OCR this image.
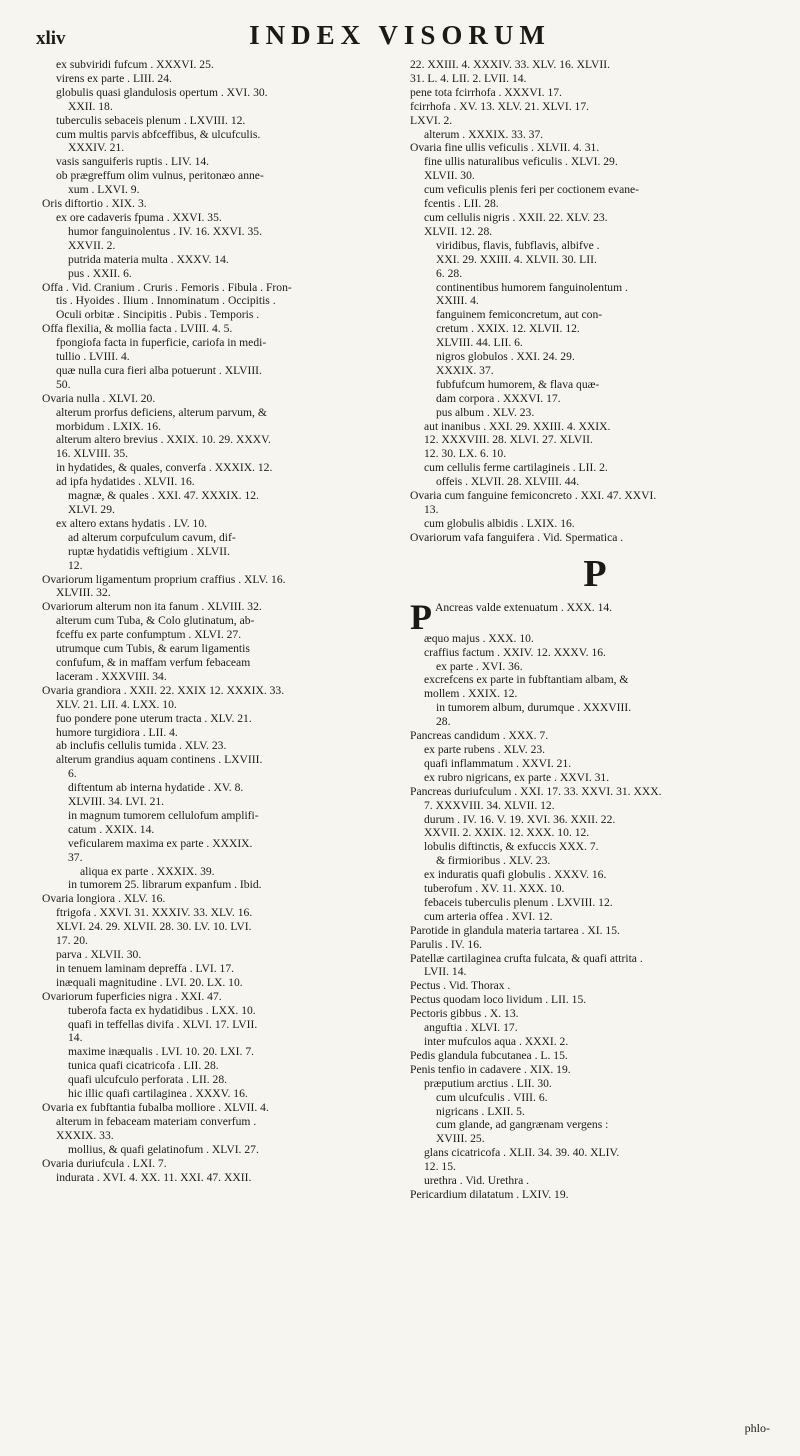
xliv	INDEX VISORUM
ex subviridi fufcum . XXXVI. 25.
virens ex parte . LIII. 24.
globulis quasi glandulosis opertum . XVI. 30.
XXII. 18.
tuberculis sebaceis plenum . LXVIII. 12.
cum multis parvis abfceffibus, & ulcufculis.
XXXIV. 21.
vasis sanguiferis ruptis . LIV. 14.
ob prægreffum olim vulnus, peritonæo anne-
xum . LXVI. 9.
Oris diftortio . XIX. 3.
ex ore cadaveris fpuma . XXVI. 35.
humor fanguinolentus . IV. 16. XXVI. 35.
XXVII. 2.
putrida materia multa . XXXV. 14.
pus . XXII. 6.
Offa . Vid. Cranium . Cruris . Femoris . Fibula . Fron-
tis . Hyoides . Ilium . Innominatum . Occipitis .
Oculi orbitæ . Sincipitis . Pubis . Temporis .
Offa flexilia, & mollia facta . LVIII. 4. 5.
fpongiofa facta in fuperficie, cariofa in medi-
tullio . LVIII. 4.
quæ nulla cura fieri alba potuerunt . XLVIII.
50.
Ovaria nulla . XLVI. 20.
alterum prorfus deficiens, alterum parvum, &
morbidum . LXIX. 16.
alterum altero brevius . XXIX. 10. 29. XXXV.
16. XLVIII. 35.
in hydatides, & quales, converfa . XXXIX. 12.
ad ipfa hydatides . XLVII. 16.
magnæ, & quales . XXI. 47. XXXIX. 12.
XLVI. 29.
ex altero extans hydatis . LV. 10.
ad alterum corpufculum cavum, dif-
ruptæ hydatidis veftigium . XLVII.
12.
Ovariorum ligamentum proprium craffius . XLV. 16.
XLVIII. 32.
Ovariorum alterum non ita fanum . XLVIII. 32.
alterum cum Tuba, & Colo glutinatum, ab-
fceffu ex parte confumptum . XLVI. 27.
utrumque cum Tubis, & earum ligamentis
confufum, & in maffam verfum febaceam
laceram . XXXVIII. 34.
Ovaria grandiora . XXII. 22. XXIX 12. XXXIX. 33.
XLV. 21. LII. 4. LXX. 10.
fuo pondere pone uterum tracta . XLV. 21.
humore turgidiora . LII. 4.
ab inclufis cellulis tumida . XLV. 23.
alterum grandius aquam continens . LXVIII.
6.
diftentum ab interna hydatide . XV. 8.
XLVIII. 34. LVI. 21.
in magnum tumorem cellulofum amplifi-
catum . XXIX. 14.
veficularem maxima ex parte . XXXIX.
37.
aliqua ex parte . XXXIX. 39.
in tumorem 25. librarum expanfum . Ibid.
Ovaria longiora . XLV. 16.
ftrigofa . XXVI. 31. XXXIV. 33. XLV. 16.
XLVI. 24. 29. XLVII. 28. 30. LV. 10. LVI.
17. 20.
parva . XLVII. 30.
in tenuem laminam depreffa . LVI. 17.
inæquali magnitudine . LVI. 20. LX. 10.
Ovariorum fuperficies nigra . XXI. 47.
tuberofa facta ex hydatidibus . LXX. 10.
quafi in teffellas divifa . XLVI. 17. LVII.
14.
maxime inæqualis . LVI. 10. 20. LXI. 7.
tunica quafi cicatricofa . LII. 28.
quafi ulcufculo perforata . LII. 28.
hic illic quafi cartilaginea . XXXV. 16.
Ovaria ex fubftantia fubalba molliore . XLVII. 4.
alterum in febaceam materiam converfum .
XXXIX. 33.
mollius, & quafi gelatinofum . XLVI. 27.
Ovaria duriufcula . LXI. 7.
indurata . XVI. 4. XX. 11. XXI. 47. XXII.
22. XXIII. 4. XXXIV. 33. XLV. 16. XLVII.
31. L. 4. LII. 2. LVII. 14.
pene tota fcirrhofa . XXXVI. 17.
fcirrhofa . XV. 13. XLV. 21. XLVI. 17.
LXVI. 2.
alterum . XXXIX. 33. 37.
Ovaria fine ullis veficulis . XLVII. 4. 31.
fine ullis naturalibus veficulis . XLVI. 29.
XLVII. 30.
cum veficulis plenis feri per coctionem evane-
fcentis . LII. 28.
cum cellulis nigris . XXII. 22. XLV. 23.
XLVII. 12. 28.
viridibus, flavis, fubflavis, albifve .
XXI. 29. XXIII. 4. XLVII. 30. LII.
6. 28.
continentibus humorem fanguinolentum .
XXIII. 4.
fanguinem femiconcretum, aut con-
cretum . XXIX. 12. XLVII. 12.
XLVIII. 44. LII. 6.
nigros globulos . XXI. 24. 29.
XXXIX. 37.
fubfufcum humorem, & flava quæ-
dam corpora . XXXVI. 17.
pus album . XLV. 23.
aut inanibus . XXI. 29. XXIII. 4. XXIX.
12. XXXVIII. 28. XLVI. 27. XLVII.
12. 30. LX. 6. 10.
cum cellulis ferme cartilagineis . LII. 2.
offeis . XLVII. 28. XLVIII. 44.
Ovaria cum fanguine femiconcreto . XXI. 47. XXVI.
13.
cum globulis albidis . LXIX. 16.
Ovariorum vafa fanguifera . Vid. Spermatica .
P
P Ancreas valde extenuatum . XXX. 14.
æquo majus . XXX. 10.
craffius factum . XXIV. 12. XXXV. 16.
ex parte . XVI. 36.
excrefcens ex parte in fubftantiam albam, &
mollem . XXIX. 12.
in tumorem album, durumque . XXXVIII.
28.
Pancreas candidum . XXX. 7.
ex parte rubens . XLV. 23.
quafi inflammatum . XXVI. 21.
ex rubro nigricans, ex parte . XXVI. 31.
Pancreas duriufculum . XXI. 17. 33. XXVI. 31. XXX.
7. XXXVIII. 34. XLVII. 12.
durum . IV. 16. V. 19. XVI. 36. XXII. 22.
XXVII. 2. XXIX. 12. XXX. 10. 12.
lobulis diftinctis, & exfuccis XXX. 7.
& firmioribus . XLV. 23.
ex induratis quafi globulis . XXXV. 16.
tuberofum . XV. 11. XXX. 10.
febaceis tuberculis plenum . LXVIII. 12.
cum arteria offea . XVI. 12.
Parotide in glandula materia tartarea . XI. 15.
Parulis . IV. 16.
Patellæ cartilaginea crufta fulcata, & quafi attrita .
LVII. 14.
Pectus . Vid. Thorax .
Pectus quodam loco lividum . LII. 15.
Pectoris gibbus . X. 13.
anguftia . XLVI. 17.
inter mufculos aqua . XXXI. 2.
Pedis glandula fubcutanea . L. 15.
Penis tenfio in cadavere . XIX. 19.
præputium arctius . LII. 30.
cum ulcufculis . VIII. 6.
nigricans . LXII. 5.
cum glande, ad gangrænam vergens :
XVIII. 25.
glans cicatricofa . XLII. 34. 39. 40. XLIV.
12. 15.
urethra . Vid. Urethra .
Pericardium dilatatum . LXIV. 19.
phlo-
